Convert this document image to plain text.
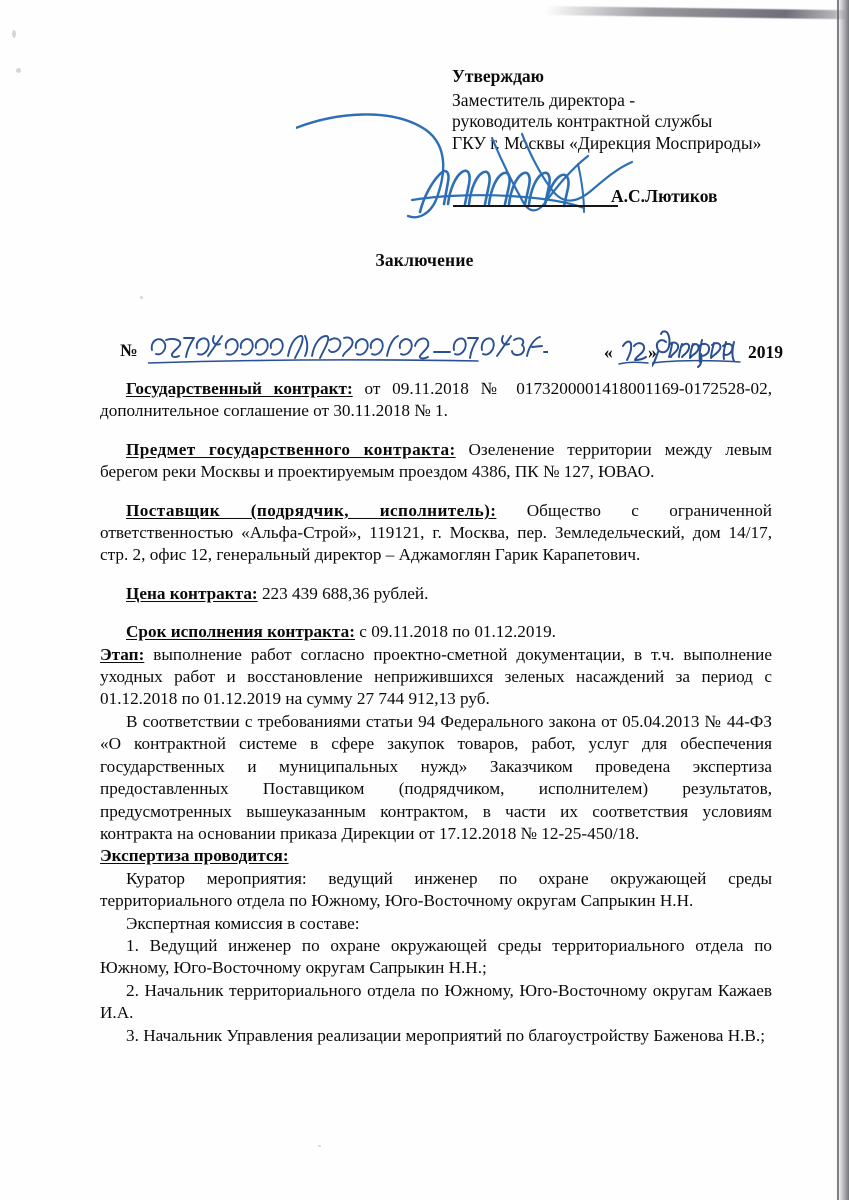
Утверждаю
Заместитель директора -
руководитель контрактной службы
ГКУ г. Москвы «Дирекция Мосприроды»
А.С.Лютиков
Заключение
№	« »	2019

Государственный контракт: от 09.11.2018 № 0173200001418001169-0172528-02, дополнительное соглашение от 30.11.2018 № 1.

Предмет государственного контракта: Озеленение территории между левым берегом реки Москвы и проектируемым проездом 4386, ПК № 127, ЮВАО.

Поставщик (подрядчик, исполнитель): Общество с ограниченной ответственностью «Альфа-Строй», 119121, г. Москва, пер. Земледельческий, дом 14/17, стр. 2, офис 12, генеральный директор – Аджамоглян Гарик Карапетович.

Цена контракта: 223 439 688,36 рублей.

Срок исполнения контракта: с 09.11.2018 по 01.12.2019.

Этап: выполнение работ согласно проектно-сметной документации, в т.ч. выполнение уходных работ и восстановление неприжившихся зеленых насаждений за период с 01.12.2018 по 01.12.2019 на сумму 27 744 912,13 руб.

В соответствии с требованиями статьи 94 Федерального закона от 05.04.2013 № 44-ФЗ «О контрактной системе в сфере закупок товаров, работ, услуг для обеспечения государственных и муниципальных нужд» Заказчиком проведена экспертиза предоставленных Поставщиком (подрядчиком, исполнителем) результатов, предусмотренных вышеуказанным контрактом, в части их соответствия условиям контракта на основании приказа Дирекции от 17.12.2018 № 12-25-450/18.

Экспертиза проводится:

Куратор мероприятия: ведущий инженер по охране окружающей среды территориального отдела по Южному, Юго-Восточному округам Сапрыкин Н.Н.

Экспертная комиссия в составе:

1. Ведущий инженер по охране окружающей среды территориального отдела по Южному, Юго-Восточному округам Сапрыкин Н.Н.;

2. Начальник территориального отдела по Южному, Юго-Восточному округам Кажаев И.А.

3. Начальник Управления реализации мероприятий по благоустройству Баженова Н.В.;
